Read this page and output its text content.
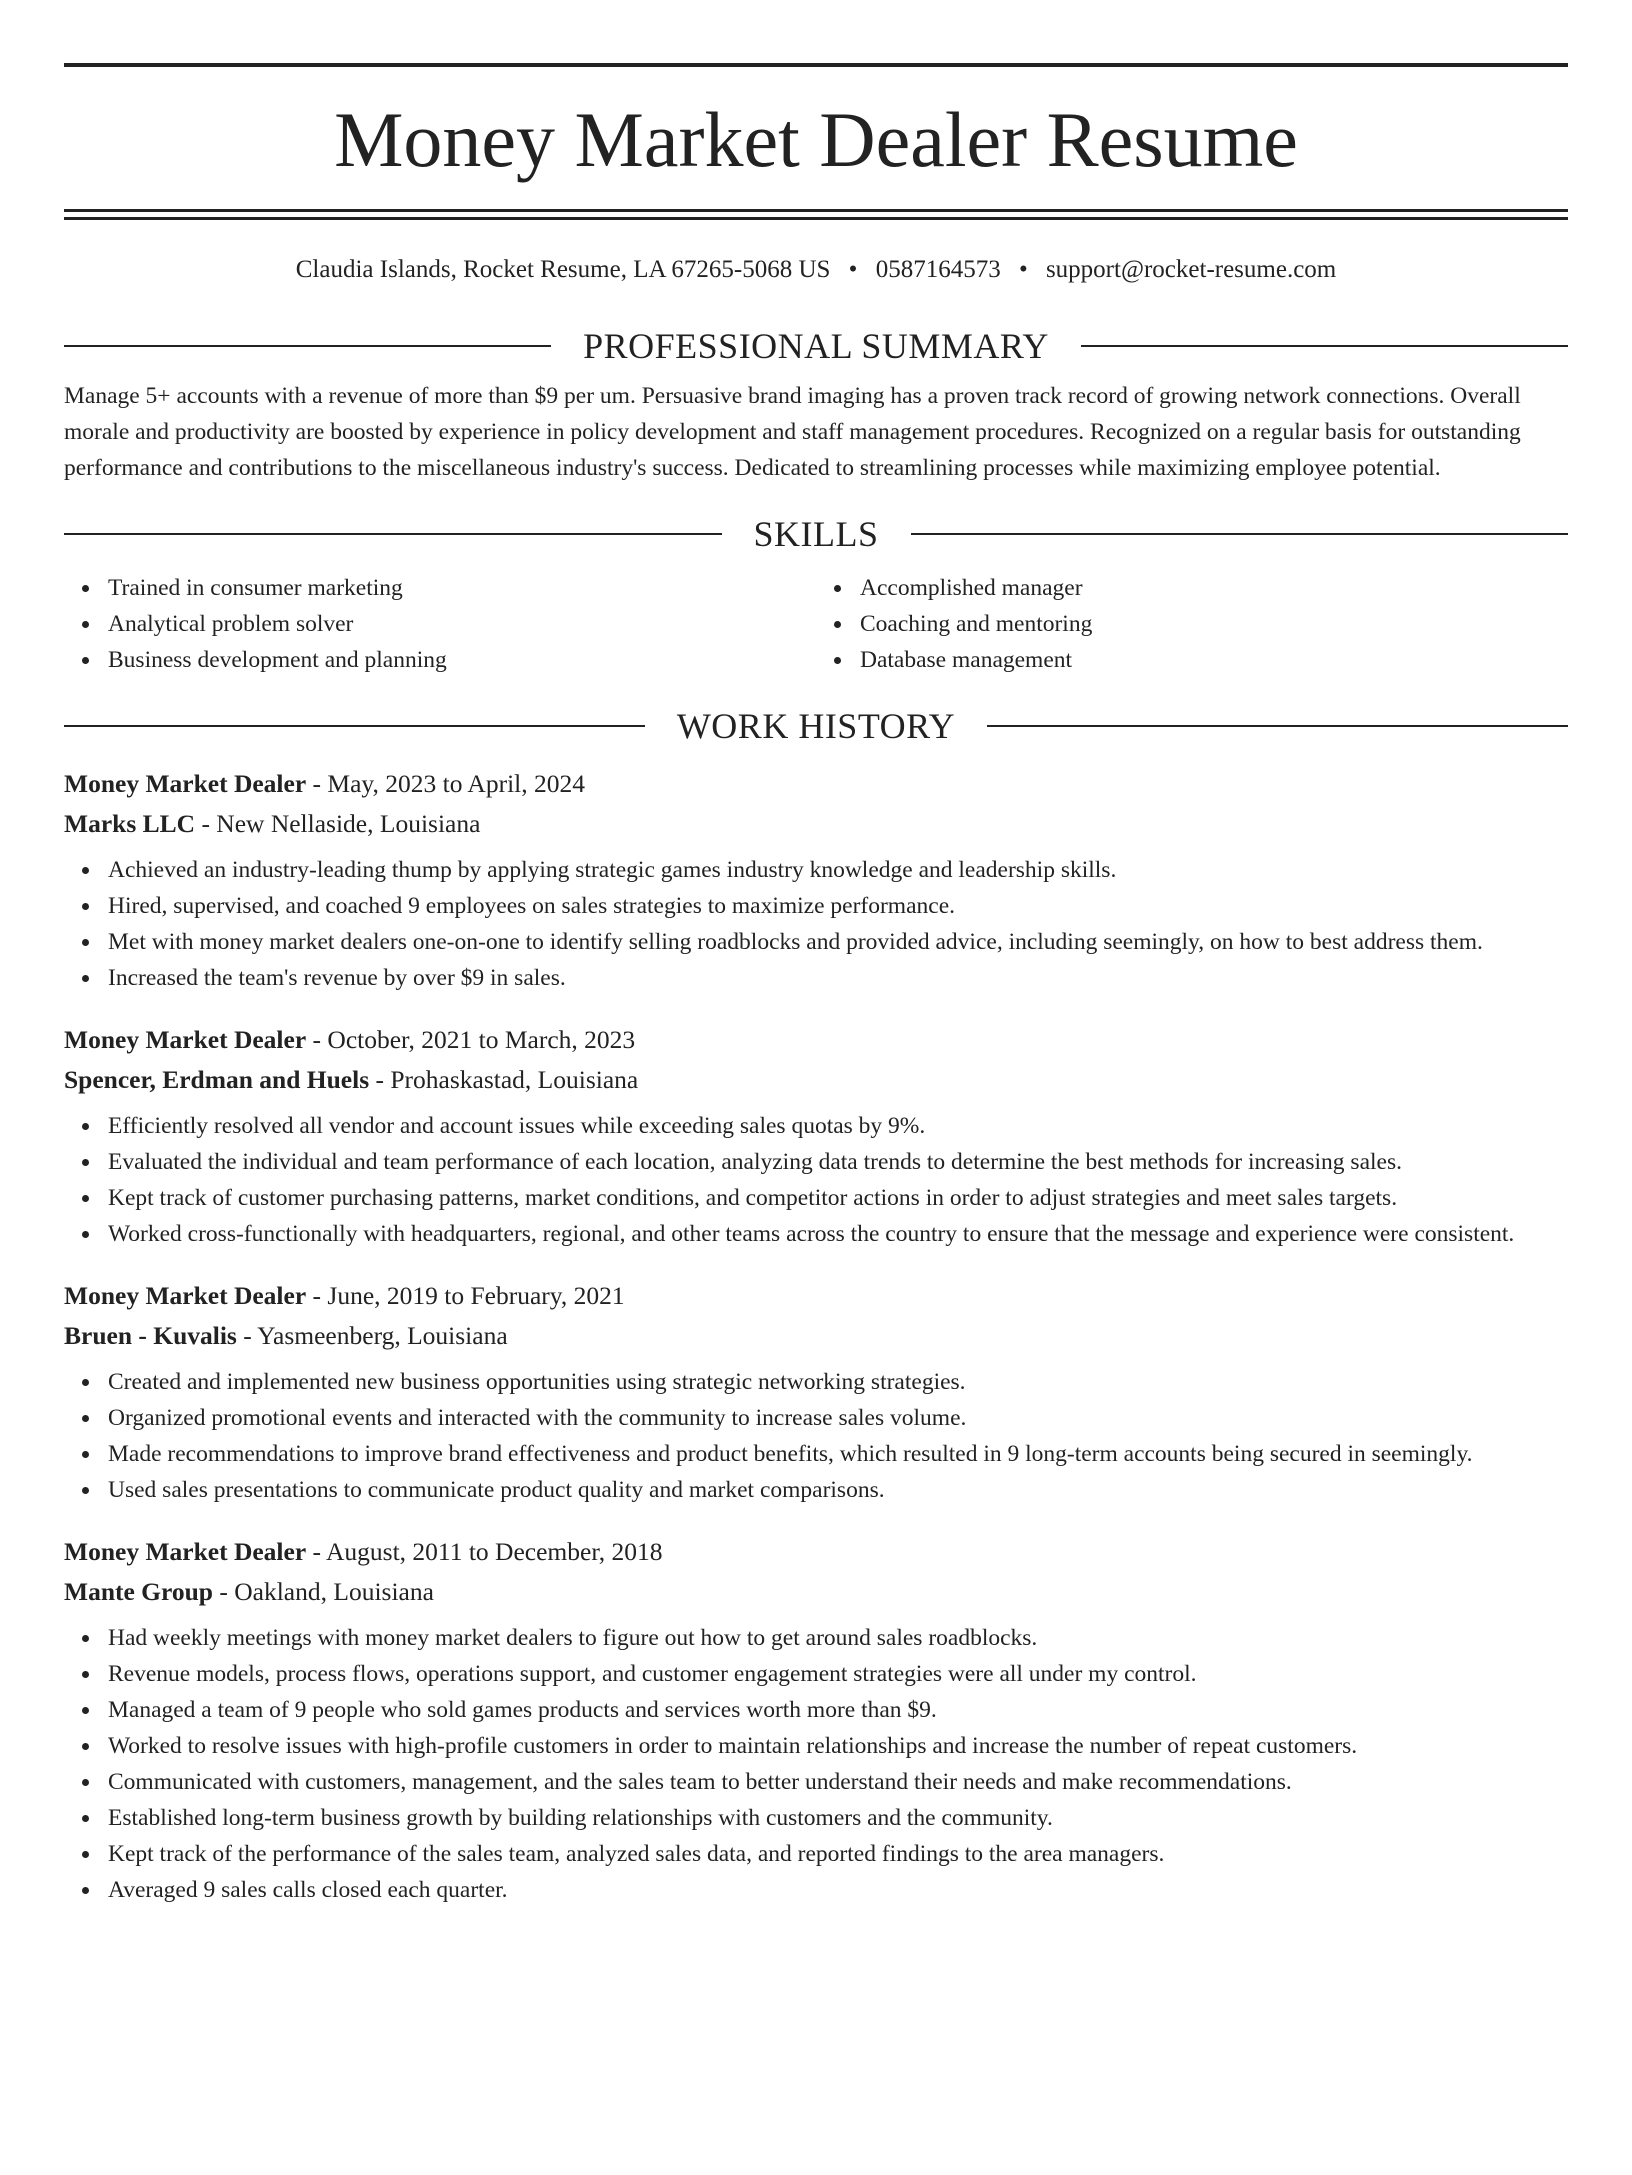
Money Market Dealer Resume
Claudia Islands, Rocket Resume, LA 67265-5068 US • 0587164573 • support@rocket-resume.com
PROFESSIONAL SUMMARY
Manage 5+ accounts with a revenue of more than $9 per um. Persuasive brand imaging has a proven track record of growing network connections. Overall morale and productivity are boosted by experience in policy development and staff management procedures. Recognized on a regular basis for outstanding performance and contributions to the miscellaneous industry's success. Dedicated to streamlining processes while maximizing employee potential.
SKILLS
Trained in consumer marketing
Analytical problem solver
Business development and planning
Accomplished manager
Coaching and mentoring
Database management
WORK HISTORY
Money Market Dealer - May, 2023 to April, 2024
Marks LLC - New Nellaside, Louisiana
Achieved an industry-leading thump by applying strategic games industry knowledge and leadership skills.
Hired, supervised, and coached 9 employees on sales strategies to maximize performance.
Met with money market dealers one-on-one to identify selling roadblocks and provided advice, including seemingly, on how to best address them.
Increased the team's revenue by over $9 in sales.
Money Market Dealer - October, 2021 to March, 2023
Spencer, Erdman and Huels - Prohaskastad, Louisiana
Efficiently resolved all vendor and account issues while exceeding sales quotas by 9%.
Evaluated the individual and team performance of each location, analyzing data trends to determine the best methods for increasing sales.
Kept track of customer purchasing patterns, market conditions, and competitor actions in order to adjust strategies and meet sales targets.
Worked cross-functionally with headquarters, regional, and other teams across the country to ensure that the message and experience were consistent.
Money Market Dealer - June, 2019 to February, 2021
Bruen - Kuvalis - Yasmeenberg, Louisiana
Created and implemented new business opportunities using strategic networking strategies.
Organized promotional events and interacted with the community to increase sales volume.
Made recommendations to improve brand effectiveness and product benefits, which resulted in 9 long-term accounts being secured in seemingly.
Used sales presentations to communicate product quality and market comparisons.
Money Market Dealer - August, 2011 to December, 2018
Mante Group - Oakland, Louisiana
Had weekly meetings with money market dealers to figure out how to get around sales roadblocks.
Revenue models, process flows, operations support, and customer engagement strategies were all under my control.
Managed a team of 9 people who sold games products and services worth more than $9.
Worked to resolve issues with high-profile customers in order to maintain relationships and increase the number of repeat customers.
Communicated with customers, management, and the sales team to better understand their needs and make recommendations.
Established long-term business growth by building relationships with customers and the community.
Kept track of the performance of the sales team, analyzed sales data, and reported findings to the area managers.
Averaged 9 sales calls closed each quarter.
